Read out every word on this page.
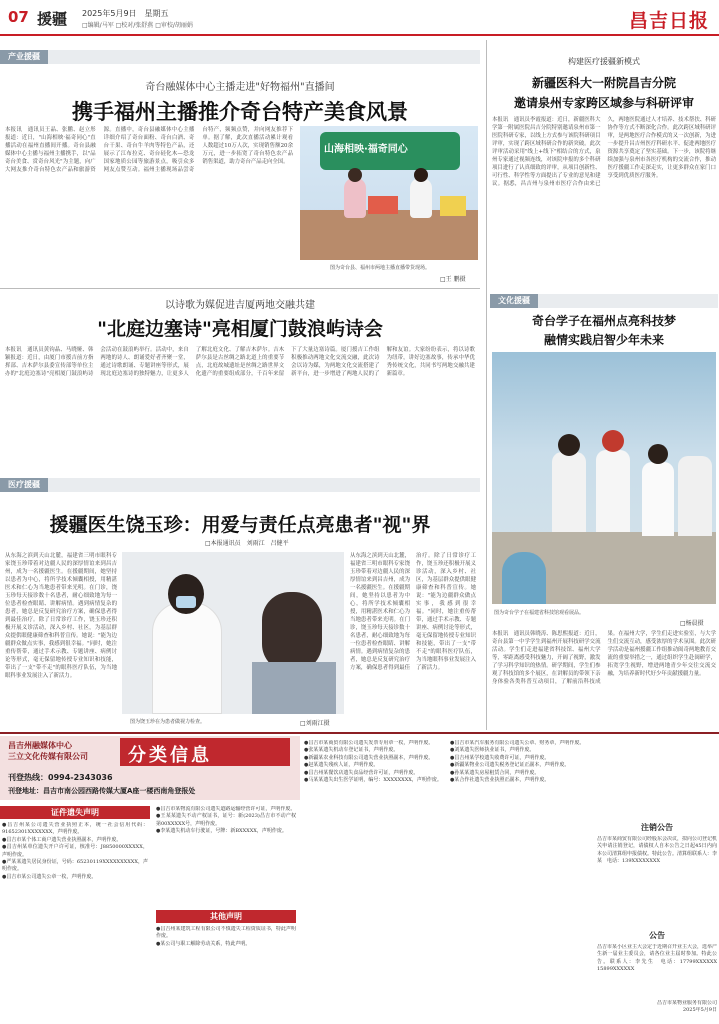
07 援疆 2025年5月9日　星期五
□编辑/马军 □校对/张舒燕 □审校/胡丽娟	昌吉日报
产业援疆
奇台融媒体中心主播走进"好物福州"直播间
携手福州主播推介奇台特产美食风景
本报讯　通讯员王晶、张鹏、赵立彤报道：近日，"山海相映·福奇同心"直播活动在福州直播间开播。奇台县融媒体中心主播与福州主播携手，以"品奇台美食、赏奇台风光"为主题，向广大网友推介奇台特色农产品和旅游资源。直播中，奇台县融媒体中心主播详细介绍了奇台面粉、奇台白酒、奇台干果、奇台牛羊肉等特色产品，还展示了江布拉克、奇台硅化木—恐龙国家地质公园等旅游景点，吸引众多网友点赞互动。福州主播现场品尝奇台特产，频频点赞，并向网友推荐下单。据了解，此次直播活动累计观看人数超过10万人次，实现销售额20余万元，进一步拓宽了奇台特色农产品销售渠道，助力奇台产品走向全国。
山海相映·福奇同心
图为奇台县、福州市两地主播直播带货现场。
□王 鹏摄
以诗歌为媒促进吉厦两地交融共建
"北庭边塞诗"亮相厦门鼓浪屿诗会
本报讯　通讯员黄钧晶、马晓娅、韩颖报道：近日，由厦门市援吉前方指挥部、吉木萨尔县委宣传部等单位主办的"北庭边塞诗"亮相厦门鼓浪屿诗会活动在鼓浪屿举行。活动中，来自两地的诗人、朗诵爱好者齐聚一堂，通过诗歌朗诵、专题讲座等形式，展现北庭边塞诗的独特魅力，让更多人了解北庭文化、了解吉木萨尔。吉木萨尔县是古丝绸之路北道上的重要节点，北庭故城遗址是丝绸之路世界文化遗产的重要组成部分，千百年来留下了大量边塞诗篇。厦门援吉工作组积极推动两地文化交流交融，此次诗会以诗为媒，为两地文化交流搭建了新平台，进一步增进了两地人民的了解和友谊。大家纷纷表示，将以诗歌为纽带，讲好边塞故事，传承中华优秀传统文化，共同书写两地交融共建新篇章。
医疗援疆
援疆医生饶玉珍：用爱与责任点亮患者"视"界
□本报通讯员　刘雨江　吕健平
从东海之滨到天山北麓，福建省三明市眼科专家饶玉珍带着对边疆人民的深厚情谊来到昌吉州，成为一名援疆医生。在援疆期间，她坚持以患者为中心，将所学技术倾囊相授，用精湛医术和仁心为当地患者带来光明。在门诊，饶玉珍每天接诊数十名患者，耐心细致地为每一位患者检查眼睛、讲解病情。遇到病情复杂的患者，她总是反复研究治疗方案，确保患者得到最佳治疗。除了日常诊疗工作，饶玉珍还积极开展义诊活动，深入乡村、社区，为基层群众提供眼健康筛查和科普宣传。她说："能为边疆群众做点实事，我感到很幸福。"同时，她注重传帮带，通过手术示教、专题讲座、病例讨论等形式，毫无保留地传授专业知识和技能，带出了一支"带不走"的眼科医疗队伍，为当地眼科事业发展注入了新活力。
图为饶玉珍在为患者做视力检查。	□刘雨江摄
从东海之滨到天山北麓，福建省三明市眼科专家饶玉珍带着对边疆人民的深厚情谊来到昌吉州，成为一名援疆医生。在援疆期间，她坚持以患者为中心，将所学技术倾囊相授，用精湛医术和仁心为当地患者带来光明。在门诊，饶玉珍每天接诊数十名患者，耐心细致地为每一位患者检查眼睛、讲解病情。遇到病情复杂的患者，她总是反复研究治疗方案，确保患者得到最佳治疗。除了日常诊疗工作，饶玉珍还积极开展义诊活动，深入乡村、社区，为基层群众提供眼健康筛查和科普宣传。她说："能为边疆群众做点实事，我感到很幸福。"同时，她注重传帮带，通过手术示教、专题讲座、病例讨论等形式，毫无保留地传授专业知识和技能，带出了一支"带不走"的眼科医疗队伍，为当地眼科事业发展注入了新活力。
构建医疗援疆新模式
新疆医科大一附院昌吉分院
邀请泉州专家跨区域参与科研评审
本报讯　通讯员李霞报道：近日，新疆医科大学第一附属医院昌吉分院特别邀请泉州市第一医院科研专家，以线上方式参与该院科研项目评审，实现了跨区域科研合作的新突破。此次评审活动采用"线上+线下"相结合的方式，泉州专家通过视频连线，对该院申报的多个科研项目进行了认真细致的评审，从项目创新性、可行性、科学性等方面提出了专业的意见和建议。据悉，昌吉州与泉州市医疗合作由来已久，两地医院通过人才培养、技术帮扶、科研协作等方式不断深化合作。此次跨区域科研评审，是两地医疗合作模式的又一次创新，为进一步提升昌吉州医疗科研水平、促进两地医疗资源共享奠定了坚实基础。下一步，该院将继续加强与泉州市各医疗机构的交流合作，推动医疗援疆工作走深走实，让更多群众在家门口享受到优质医疗服务。
文化援疆
奇台学子在福州点亮科技梦
融情实践启智少年未来
图为奇台学子在福建省科技馆观看展品。
□杨晨摄
本报讯　通讯员韩晓涛、陈思熙报道：近日，奇台县第一中学学生到福州开展科技研学交流活动。学生们走进福建省科技馆、福州大学等，零距离感受科技魅力，开阔了视野，激发了学习科学知识的热情。研学期间，学生们参观了科技馆的多个展区，在讲解员的带领下亲身体验各类科普互动项目，了解前沿科技成果。在福州大学，学生们走进实验室，与大学生们交流互动，感受浓厚的学术氛围。此次研学活动是福州援疆工作组推动闽奇两地教育交流的重要举措之一，通过组织学生赴闽研学，拓宽学生视野，增进两地青少年交往交流交融，为培养新时代好少年贡献援疆力量。
昌吉州融媒体中心
三立文化传媒有限公司 分类信息
刊登热线：0994-2343036
刊登地址：昌吉市南公园西路传媒大厦A座一楼西南角登报处
证件遗失声明
●昌吉州某公司遗失营业执照正本，统一社会信用代码：91652301XXXXXXX，声明作废。
●昌吉市某个体工商户遗失营业执照副本，声明作废。
●昌吉州某单位遗失开户许可证，核准号：J8850000XXXXX，声明作废。
●严某某遗失居民身份证，号码：65230119XXXXXXXXXX，声明作废。
●昌吉市某公司遗失公章一枚，声明作废。
●昌吉市某物流有限公司遗失道路运输经营许可证，声明作废。
●王某某遗失不动产权证书，证号：新(2023)昌吉市不动产权第00XXXXX号，声明作废。
●李某遗失机动车行驶证，号牌：新BXXXXX，声明作废。
其他声明
●昌吉州某建筑工程有限公司不慎遗失工程资质证书，特此声明作废。
●某公司与职工解除劳动关系，特此声明。
●昌吉市某商贸有限公司遗失发票专用章一枚，声明作废。
●张某某遗失机动车登记证书，声明作废。
●新疆某农业科技有限公司遗失营业执照副本，声明作废。
●赵某遗失残疾人证，声明作废。
●昌吉州某餐饮店遗失食品经营许可证，声明作废。
●马某某遗失出生医学证明，编号：XXXXXXXX，声明作废。
●昌吉市某汽车服务有限公司遗失公章、财务章，声明作废。
●刘某遗失医师执业证书，声明作废。
●昌吉州某学校遗失收费许可证，声明作废。
●新疆某物业公司遗失税务登记证正副本，声明作废。
●孙某某遗失房屋租赁合同，声明作废。
●某合作社遗失营业执照正副本，声明作废。
注销公告
昌吉市某商贸有限公司经股东会决议，拟向公司登记机关申请注销登记，请债权人自本公告之日起45日内向本公司清算组申报债权。特此公告。清算组联系人：李某　电话：139XXXXXXXX
公告
昌吉市某小区业主大会定于近期召开业主大会，选举产生新一届业主委员会，请各位业主届时参加。特此公告。联系人：李先生　电话：17799XXXXXX　15899XXXXXX
昌吉市某物业服务有限公司
2025年5月9日
